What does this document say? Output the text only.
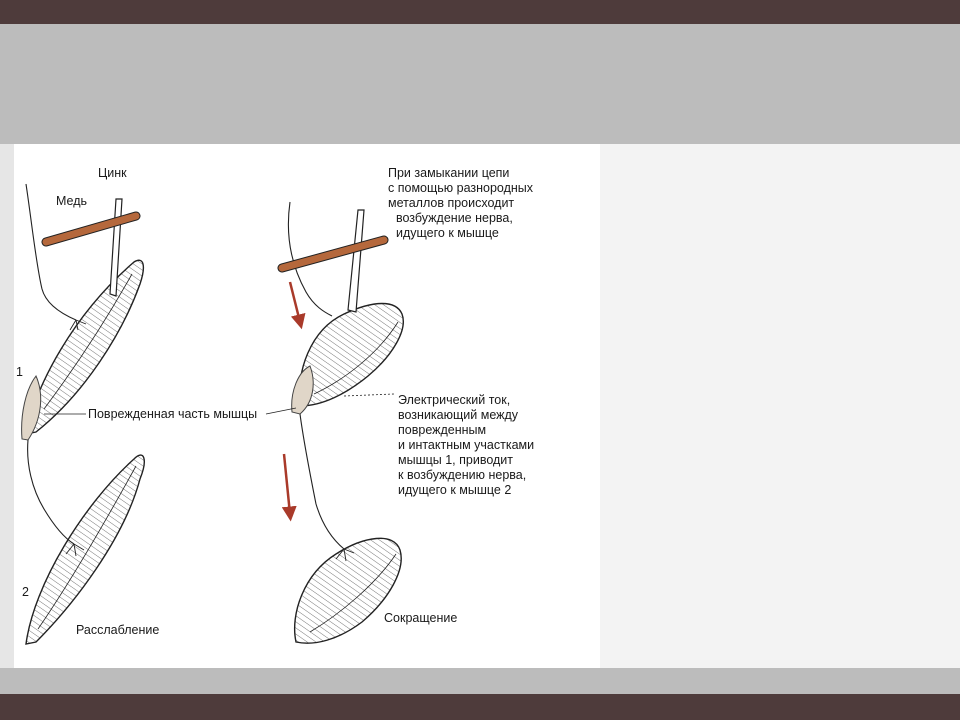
Цинк
Медь
При замыкании цепи
с помощью разнородных
металлов происходит
возбуждение нерва,
идущего к мышце
Поврежденная часть мышцы
Электрический ток,
возникающий между
поврежденным
и интактным участками
мышцы 1, приводит
к возбуждению нерва,
идущего к мышце 2
Расслабление
Сокращение
1
2
